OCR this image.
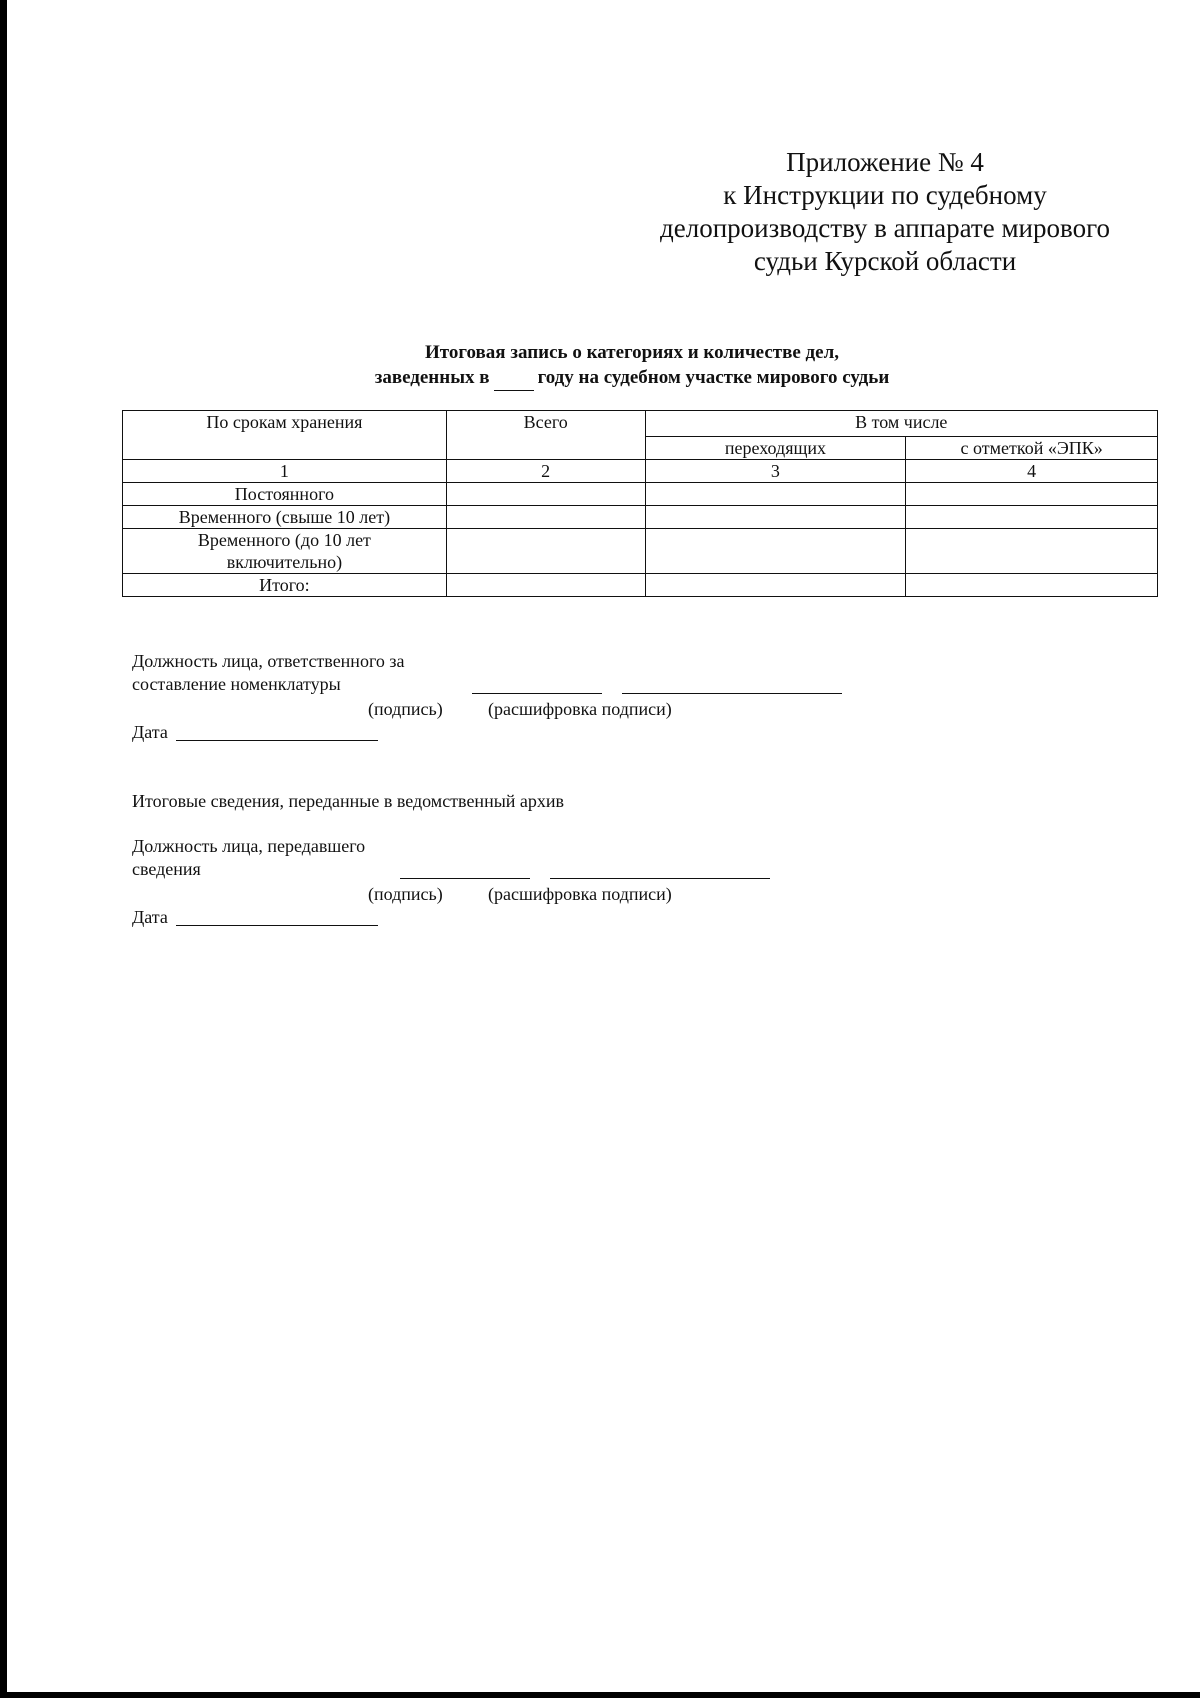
Приложение № 4
к Инструкции по судебному
делопроизводству в аппарате мирового
судьи Курской области
Итоговая запись о категориях и количестве дел,
заведенных в	году на судебном участке мирового судьи
По срокам хранения	Всего	В том числе	
		переходящих	с отметкой «ЭПК»
1	2	3	4
Постоянного			
Временного (свыше 10 лет)			
Временного (до 10 лет включительно)			
Итого:			
Должность лица, ответственного за
составление номенклатуры
(подпись)	(расшифровка подписи)
Дата
Итоговые сведения, переданные в ведомственный архив
Должность лица, передавшего
сведения
(подпись)	(расшифровка подписи)
Дата
